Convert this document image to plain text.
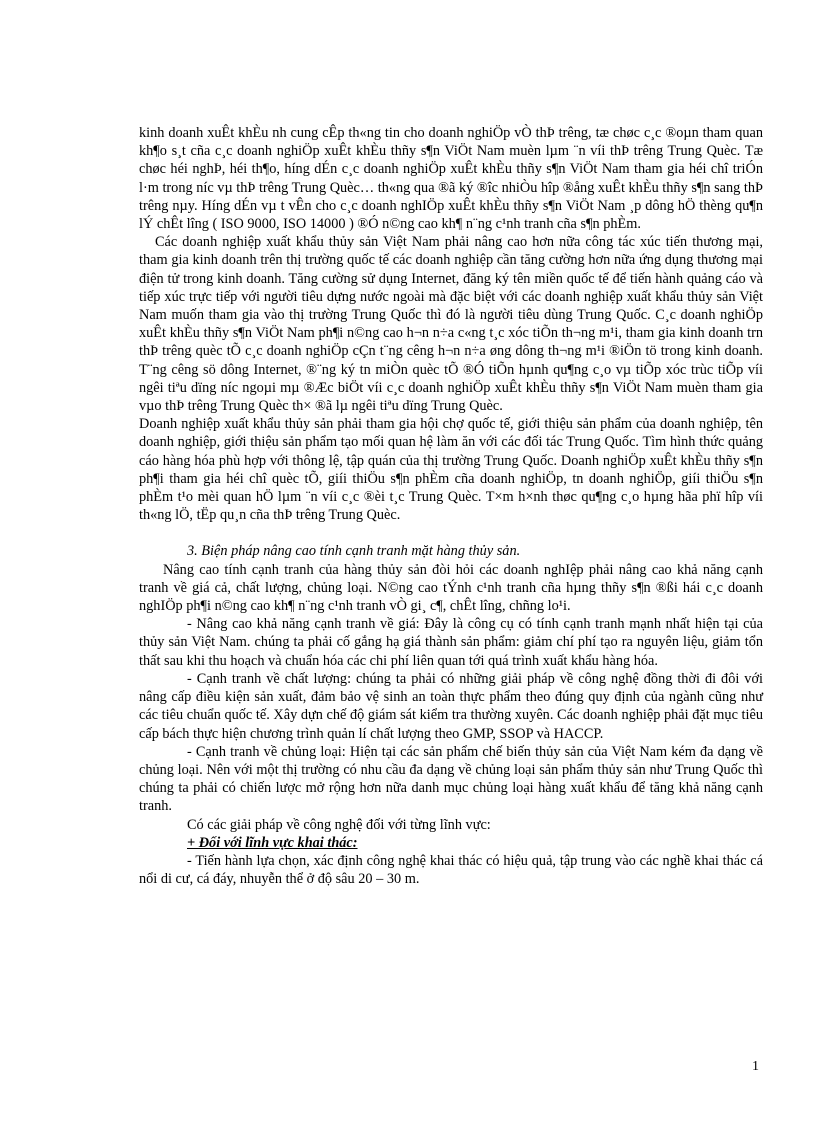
kinh doanh xuÊt khÈu nh cung cÊp th«ng tin cho doanh nghiÖp vÒ thÞ trêng, tæ chøc c¸c ®oµn tham quan kh¶o s¸t cña c¸c doanh nghiÖp xuÊt khÈu thñy s¶n ViÖt Nam muèn lµm ¨n víi thÞ trêng Trung Quèc. Tæ chøc héi nghÞ, héi th¶o, híng dÉn c¸c doanh nghiÖp xuÊt khÈu thñy s¶n ViÖt Nam tham gia héi chî triÓn l·m trong níc vµ thÞ trêng Trung Quèc… th«ng qua ®ã ký ®îc nhiÒu hîp ®ång xuÊt khÈu thñy s¶n sang thÞ trêng nµy. Híng dÉn vµ t vÊn cho c¸c doanh nghIÖp xuÊt khÈu thñy s¶n ViÖt Nam ¸p dông hÖ thèng qu¶n lÝ chÊt lîng ( ISO 9000, ISO 14000 ) ®Ó n©ng cao kh¶ n¨ng c¹nh tranh cña s¶n phÈm.

Các doanh nghiệp xuất khẩu thủy sản Việt Nam phải nâng cao hơn nữa công tác xúc tiến thương mại, tham gia kinh doanh trên thị trường quốc tế các doanh nghiệp cần tăng cường hơn nữa ứng dụng thương mại điện tử trong kinh doanh. Tăng cường sử dụng Internet, đăng ký tên miền quốc tế để tiến hành quảng cáo và tiếp xúc trực tiếp với người tiêu dựng nước ngoài mà đặc biệt với các doanh nghiệp xuất khẩu thủy sản Việt Nam muốn tham gia vào thị trường Trung Quốc thì đó là người tiêu dùng Trung Quốc. C¸c doanh nghiÖp xuÊt khÈu thñy s¶n ViÖt Nam ph¶i n©ng cao h¬n n÷a c«ng t¸c xóc tiÕn th¬ng m¹i, tham gia kinh doanh trn thÞ trêng quèc tÕ c¸c doanh nghiÖp cÇn t¨ng cêng h¬n n÷a øng dông th¬ng m¹i ®iÖn tö trong kinh doanh. T¨ng cêng sö dông Internet, ®¨ng ký tn miÒn quèc tÕ ®Ó tiÕn hµnh qu¶ng c¸o vµ tiÕp xóc trùc tiÕp víi ngêi tiªu dïng níc ngoµi mµ ®Æc biÖt víi c¸c doanh nghiÖp xuÊt khÈu thñy s¶n ViÖt Nam muèn tham gia vµo thÞ trêng Trung Quèc th× ®ã lµ ngêi tiªu dïng Trung Quèc.

Doanh nghiệp xuất khẩu thủy sản phải tham gia hội chợ quốc tế, giới thiệu sản phẩm của doanh nghiệp, tên doanh nghiệp, giới thiệu sản phẩm tạo mối quan hệ làm ăn với các đối tác Trung Quốc. Tìm hình thức quảng cáo hàng hóa phù hợp với thông lệ, tập quán của thị trường Trung Quốc. Doanh nghiÖp xuÊt khÈu thñy s¶n ph¶i tham gia héi chî quèc tÕ, giíi thiÖu s¶n phÈm cña doanh nghiÖp, tn doanh nghiÖp, giíi thiÖu s¶n phÈm t¹o mèi quan hÖ lµm ¨n víi c¸c ®èi t¸c Trung Quèc. T×m h×nh thøc qu¶ng c¸o hµng hãa phï hîp víi th«ng lÖ, tËp qu¸n cña thÞ trêng Trung Quèc.

3. Biện pháp nâng cao tính cạnh tranh mặt hàng thủy sản.

Nâng cao tính cạnh tranh của hàng thủy sản đòi hỏi các doanh nghIệp phải nâng cao khả năng cạnh tranh về giá cả, chất lượng, chủng loại. N©ng cao tÝnh c¹nh tranh cña hµng thñy s¶n ®ßi hái c¸c doanh nghIÖp ph¶i n©ng cao kh¶ n¨ng c¹nh tranh vÒ gi¸ c¶, chÊt lîng, chñng lo¹i.

- Nâng cao khả năng cạnh tranh về giá: Đây là công cụ có tính cạnh tranh mạnh nhất hiện tại của thủy sản Việt Nam. chúng ta phải cố gắng hạ giá thành sản phẩm: giảm chí phí tạo ra nguyên liệu, giảm tổn thất sau khi thu hoạch và chuẩn hóa các chi phí liên quan tới quá trình xuất khẩu hàng hóa.

- Cạnh tranh về chất lượng: chúng ta phải có những giải pháp về công nghệ đồng thời đi đôi với nâng cấp điều kiện sản xuất, đảm bảo vệ sinh an toàn thực phẩm theo đúng quy định của ngành cũng như các tiêu chuẩn quốc tế. Xây dựn chế độ giám sát kiểm tra thường xuyên. Các doanh nghiệp phải đặt mục tiêu cấp bách thực hiện chương trình quản lí chất lượng theo GMP, SSOP và HACCP.

- Cạnh tranh về chủng loại: Hiện tại các sản phẩm chế biến thủy sản của Việt Nam kém đa dạng về chủng loại. Nên với một thị trường có nhu cầu đa dạng về chủng loại sản phẩm thủy sản như Trung Quốc thì chúng ta phải có chiến lược mở rộng hơn nữa danh mục chủng loại hàng xuất khẩu để tăng khả năng cạnh tranh.

Có các giải pháp về công nghệ đối với từng lĩnh vực:

+ Đối với lĩnh vực khai thác:

- Tiến hành lựa chọn, xác định công nghệ khai thác có hiệu quả, tập trung vào các nghề khai thác cá nổi di cư, cá đáy, nhuyễn thể ở độ sâu 20 – 30 m.

1
